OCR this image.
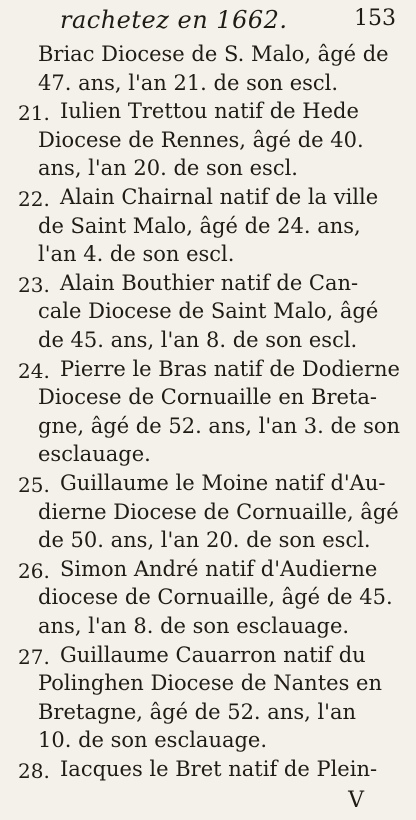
rachetez en 1662.	153
Briac Diocese de S. Malo, âgé de
47. ans, l'an 21. de son escl.
21. Iulien Trettou natif de Hede
Diocese de Rennes, âgé de 40.
ans, l'an 20. de son escl.
22. Alain Chairnal natif de la ville
de Saint Malo, âgé de 24. ans,
l'an 4. de son escl.
23. Alain Bouthier natif de Can-
cale Diocese de Saint Malo, âgé
de 45. ans, l'an 8. de son escl.
24. Pierre le Bras natif de Dodierne
Diocese de Cornuaille en Breta-
gne, âgé de 52. ans, l'an 3. de son
esclauage.
25. Guillaume le Moine natif d'Au-
dierne Diocese de Cornuaille, âgé
de 50. ans, l'an 20. de son escl.
26. Simon André natif d'Audierne
diocese de Cornuaille, âgé de 45.
ans, l'an 8. de son esclauage.
27. Guillaume Cauarron natif du
Polinghen Diocese de Nantes en
Bretagne, âgé de 52. ans, l'an
10. de son esclauage.
28. Iacques le Bret natif de Plein-
V
